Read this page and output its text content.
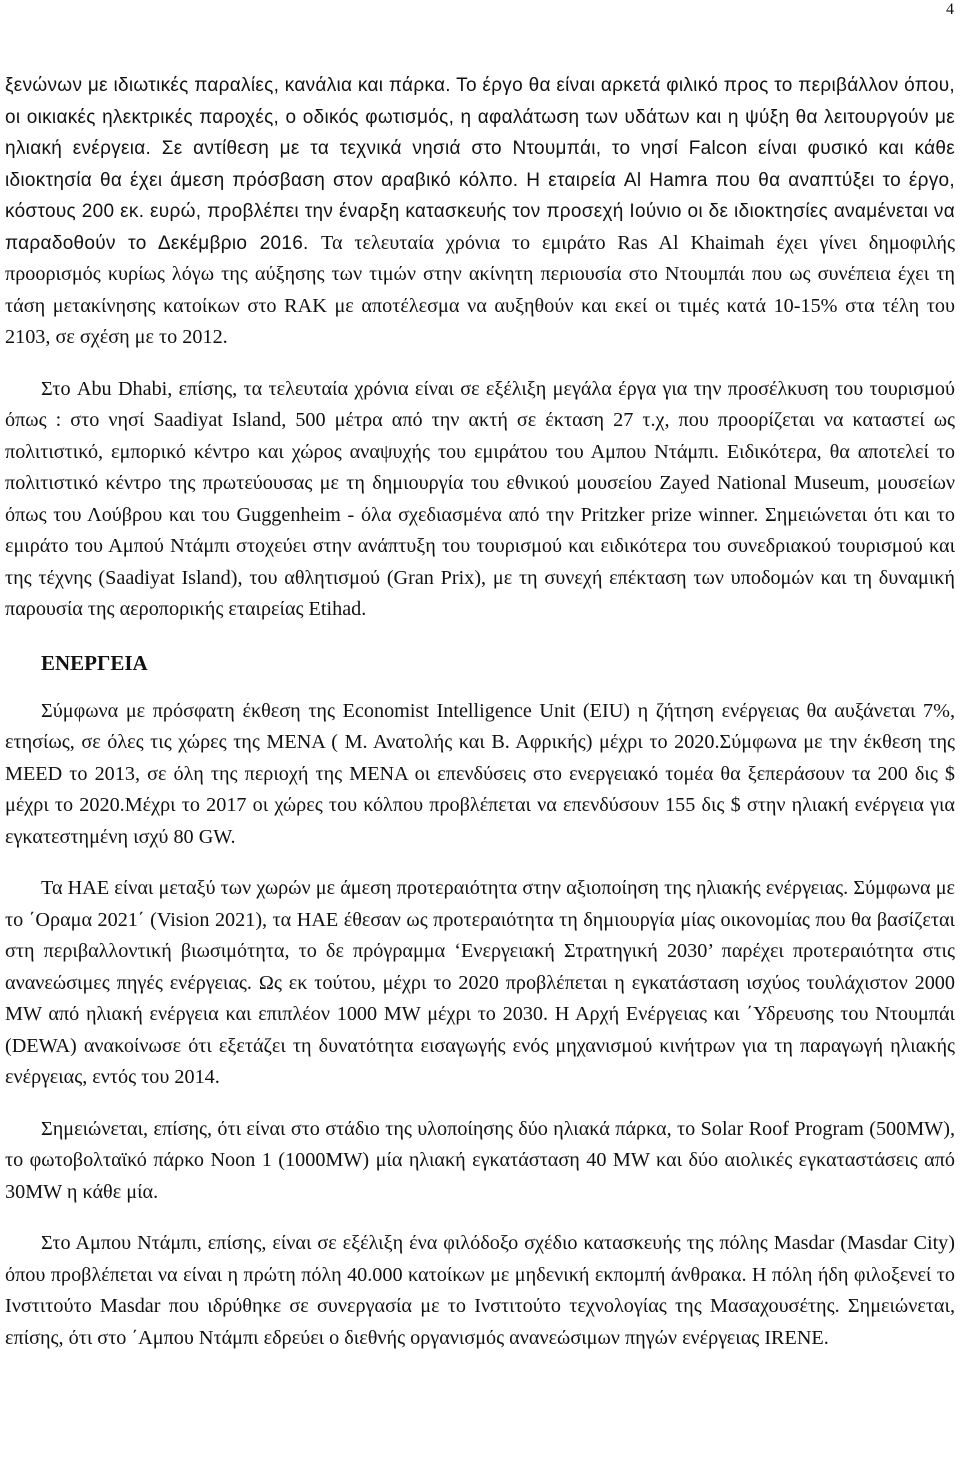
4

ξενώνων με ιδιωτικές παραλίες, κανάλια και πάρκα. Το έργο θα είναι αρκετά φιλικό προς το περιβάλλον όπου, οι οικιακές ηλεκτρικές παροχές, ο οδικός φωτισμός, η αφαλάτωση των υδάτων και η ψύξη θα λειτουργούν με ηλιακή ενέργεια. Σε αντίθεση με τα τεχνικά νησιά στο Ντουμπάι, το νησί Falcon είναι φυσικό και κάθε ιδιοκτησία θα έχει άμεση πρόσβαση στον αραβικό κόλπο. Η εταιρεία Al Hamra που θα αναπτύξει το έργο, κόστους 200 εκ. ευρώ, προβλέπει την έναρξη κατασκευής τον προσεχή Ιούνιο οι δε ιδιοκτησίες αναμένεται να παραδοθούν το Δεκέμβριο 2016. Τα τελευταία χρόνια το εμιράτο Ras Al Khaimah έχει γίνει δημοφιλής προορισμός κυρίως λόγω της αύξησης των τιμών στην ακίνητη περιουσία στο Ντουμπάι που ως συνέπεια έχει τη τάση μετακίνησης κατοίκων στο RAK με αποτέλεσμα να αυξηθούν και εκεί οι τιμές κατά 10-15% στα τέλη του 2103, σε σχέση με το 2012.

Στο Abu Dhabi, επίσης, τα τελευταία χρόνια είναι σε εξέλιξη μεγάλα έργα για την προσέλκυση του τουρισμού όπως : στο νησί Saadiyat Island, 500 μέτρα από την ακτή σε έκταση 27 τ.χ, που προορίζεται να καταστεί ως πολιτιστικό, εμπορικό κέντρο και χώρος αναψυχής του εμιράτου του Αμπου Ντάμπι. Ειδικότερα, θα αποτελεί το πολιτιστικό κέντρο της πρωτεύουσας με τη δημιουργία του εθνικού μουσείου Zayed National Museum, μουσείων όπως του Λούβρου και του Guggenheim - όλα σχεδιασμένα από την Pritzker prize winner. Σημειώνεται ότι και το εμιράτο του Αμπού Ντάμπι στοχεύει στην ανάπτυξη του τουρισμού και ειδικότερα του συνεδριακού τουρισμού και της τέχνης (Saadiyat Island), του αθλητισμού (Gran Prix), με τη συνεχή επέκταση των υποδομών και τη δυναμική παρουσία της αεροπορικής εταιρείας Etihad.

ΕΝΕΡΓΕΙΑ

Σύμφωνα με πρόσφατη έκθεση της Economist Intelligence Unit (EIU) η ζήτηση ενέργειας θα αυξάνεται 7%, ετησίως, σε όλες τις χώρες της ΜΕΝΑ ( Μ. Ανατολής και Β. Αφρικής) μέχρι το 2020.Σύμφωνα με την έκθεση της MEED το 2013, σε όλη της περιοχή της ΜΕΝΑ οι επενδύσεις στο ενεργειακό τομέα θα ξεπεράσουν τα 200 δις $ μέχρι το 2020.Μέχρι το 2017 οι χώρες του κόλπου προβλέπεται να επενδύσουν 155 δις $ στην ηλιακή ενέργεια για εγκατεστημένη ισχύ 80 GW.

Τα ΗΑΕ είναι μεταξύ των χωρών με άμεση προτεραιότητα στην αξιοποίηση της ηλιακής ενέργειας. Σύμφωνα με το ΄Οραμα 2021΄ (Vision 2021), τα ΗΑΕ έθεσαν ως προτεραιότητα τη δημιουργία μίας οικονομίας που θα βασίζεται στη περιβαλλοντική βιωσιμότητα, το δε πρόγραμμα ‘Ενεργειακή Στρατηγική 2030’ παρέχει προτεραιότητα στις ανανεώσιμες πηγές ενέργειας. Ως εκ τούτου, μέχρι το 2020 προβλέπεται η εγκατάσταση ισχύος τουλάχιστον 2000 MW από ηλιακή ενέργεια και επιπλέον 1000 MW μέχρι το 2030. Η Αρχή Ενέργειας και ΄Υδρευσης του Ντουμπάι (DEWA) ανακοίνωσε ότι εξετάζει τη δυνατότητα εισαγωγής ενός μηχανισμού κινήτρων για τη παραγωγή ηλιακής ενέργειας, εντός του 2014.

Σημειώνεται, επίσης, ότι είναι στο στάδιο της υλοποίησης δύο ηλιακά πάρκα, το Solar Roof Program (500MW), το φωτοβολταϊκό πάρκο Noon 1 (1000MW) μία ηλιακή εγκατάσταση 40 MW και δύο αιολικές εγκαταστάσεις από 30MW η κάθε μία.

Στο Αμπου Ντάμπι, επίσης, είναι σε εξέλιξη ένα φιλόδοξο σχέδιο κατασκευής της πόλης Masdar (Masdar City) όπου προβλέπεται να είναι η πρώτη πόλη 40.000 κατοίκων με μηδενική εκπομπή άνθρακα. Η πόλη ήδη φιλοξενεί το Ινστιτούτο Masdar που ιδρύθηκε σε συνεργασία με το Ινστιτούτο τεχνολογίας της Μασαχουσέτης. Σημειώνεται, επίσης, ότι στο ΄Αμπου Ντάμπι εδρεύει ο διεθνής οργανισμός ανανεώσιμων πηγών ενέργειας IRENE.
